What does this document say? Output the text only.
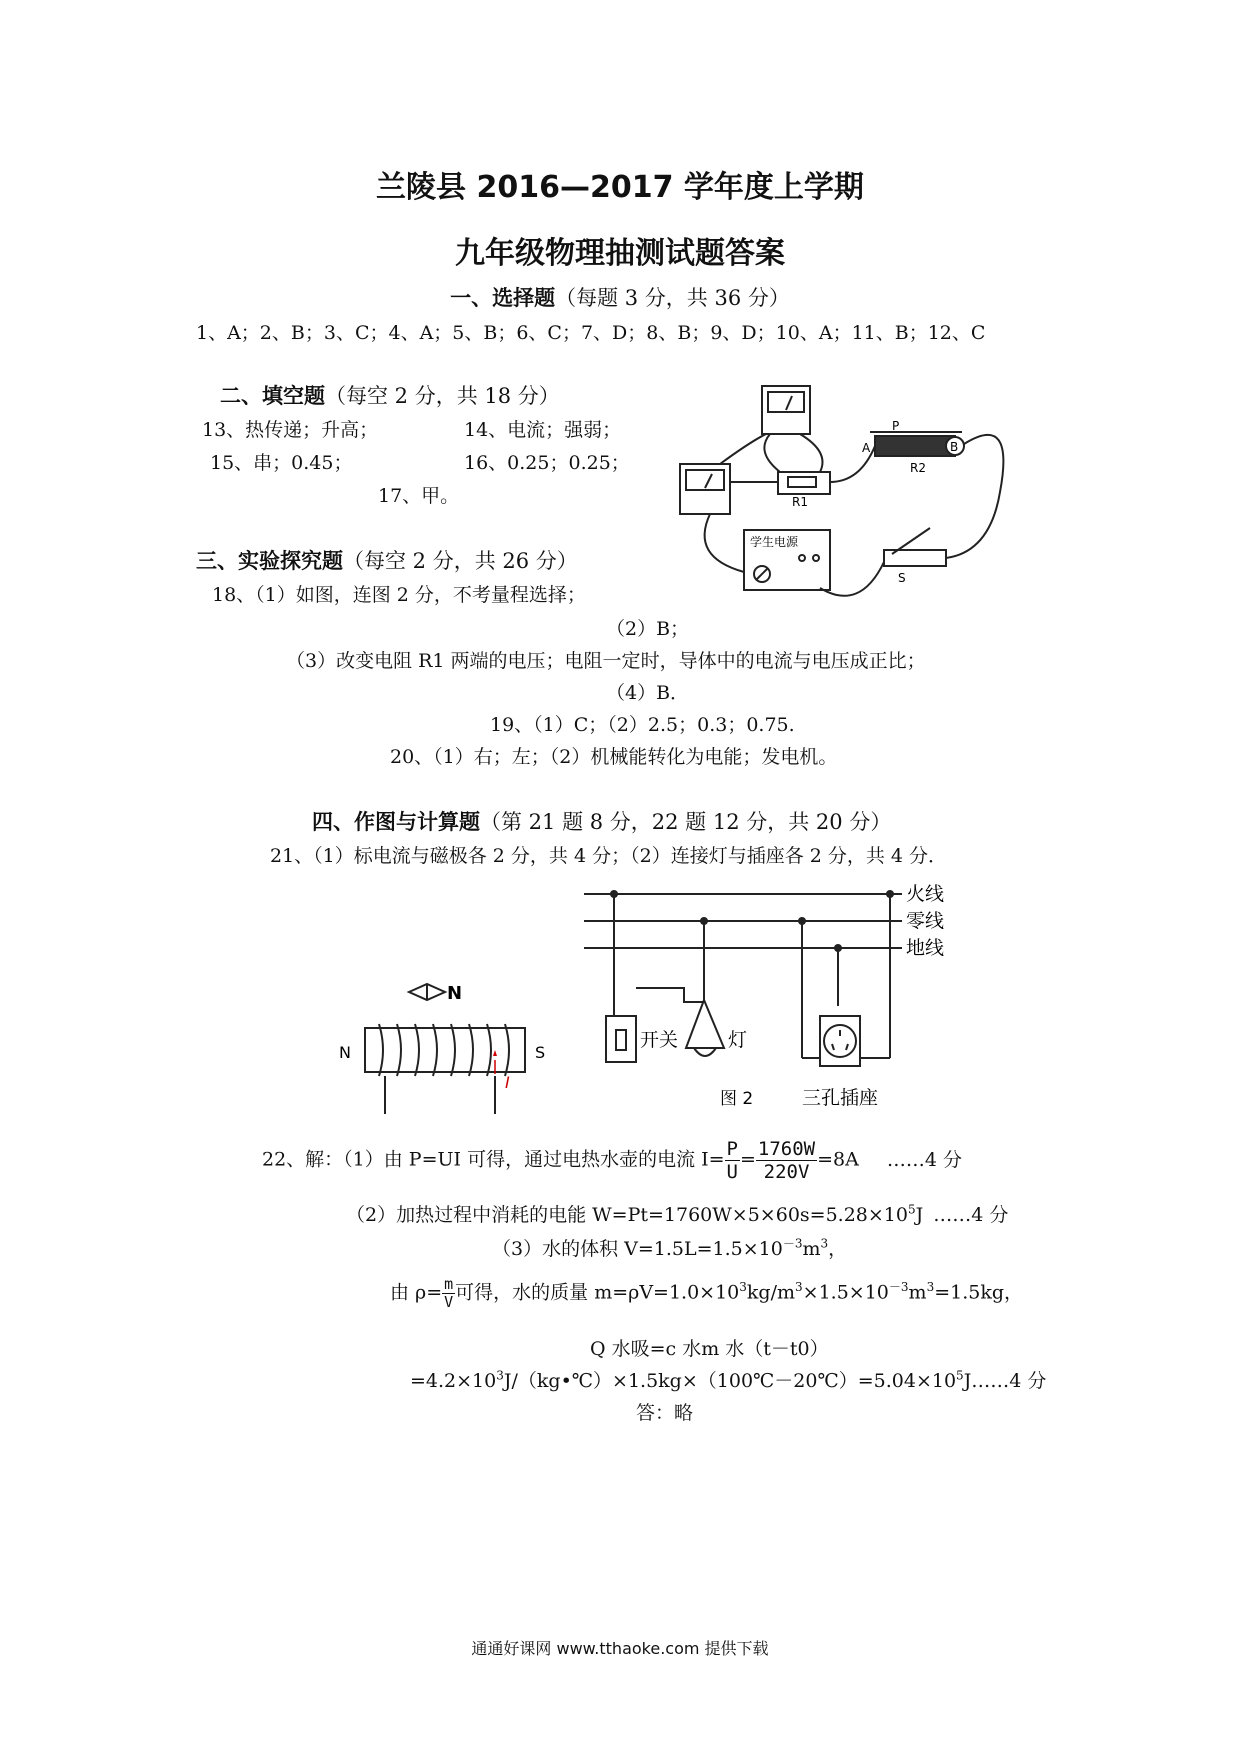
兰陵县 2016—2017 学年度上学期
九年级物理抽测试题答案
一、选择题（每题 3 分，共 36 分）
1、A；2、B；3、C；4、A；5、B；6、C；7、D；8、B；9、D；10、A；11、B；12、C
二、填空题（每空 2 分，共 18 分）
13、热传递；升高；	14、电流；强弱；
15、串；0.45；	16、0.25；0.25；
17、甲。
P
A	B
R1
R2
S
学生电源
三、实验探究题（每空 2 分，共 26 分）
18、（1）如图，连图 2 分，不考量程选择；
（2）B；
（3）改变电阻 R1 两端的电压；电阻一定时，导体中的电流与电压成正比；
（4）B．
19、（1）C；（2）2.5；0.3；0.75.
20、（1）右；左；（2）机械能转化为电能；发电机。
四、作图与计算题（第 21 题 8 分，22 题 12 分，共 20 分）
21、（1）标电流与磁极各 2 分，共 4 分；（2）连接灯与插座各 2 分，共 4 分．
N
N	S
I
火线
零线
地线
开关	灯
图 2	三孔插座
22、解：（1）由 P=UI 可得，通过电热水壶的电流 $I= \frac{P}{U} = \frac{1760W}{220V} =8A$ ……4 分
（2）加热过程中消耗的电能 $W=Pt=1760W\times 5\times 60s=5.28\times 10^5J$ ……4 分
（3）水的体积 $V=1.5L=1.5\times 10^{-3}m^3$，
由 $\rho= \frac{m}{V}$ 可得，水的质量 $m=\rho V=1.0\times 10^3kg/m^3\times 1.5\times 10^{-3}m^3=1.5kg$，
Q 水吸=c 水m 水（t－t0）
$=4.2\times 10^3J/(kg•℃)\times 1.5kg\times(100℃-20℃)=5.04\times 10^5J\dots\dots 4$ 分
答：略
通通好课网 www.tthaoke.com 提供下载
